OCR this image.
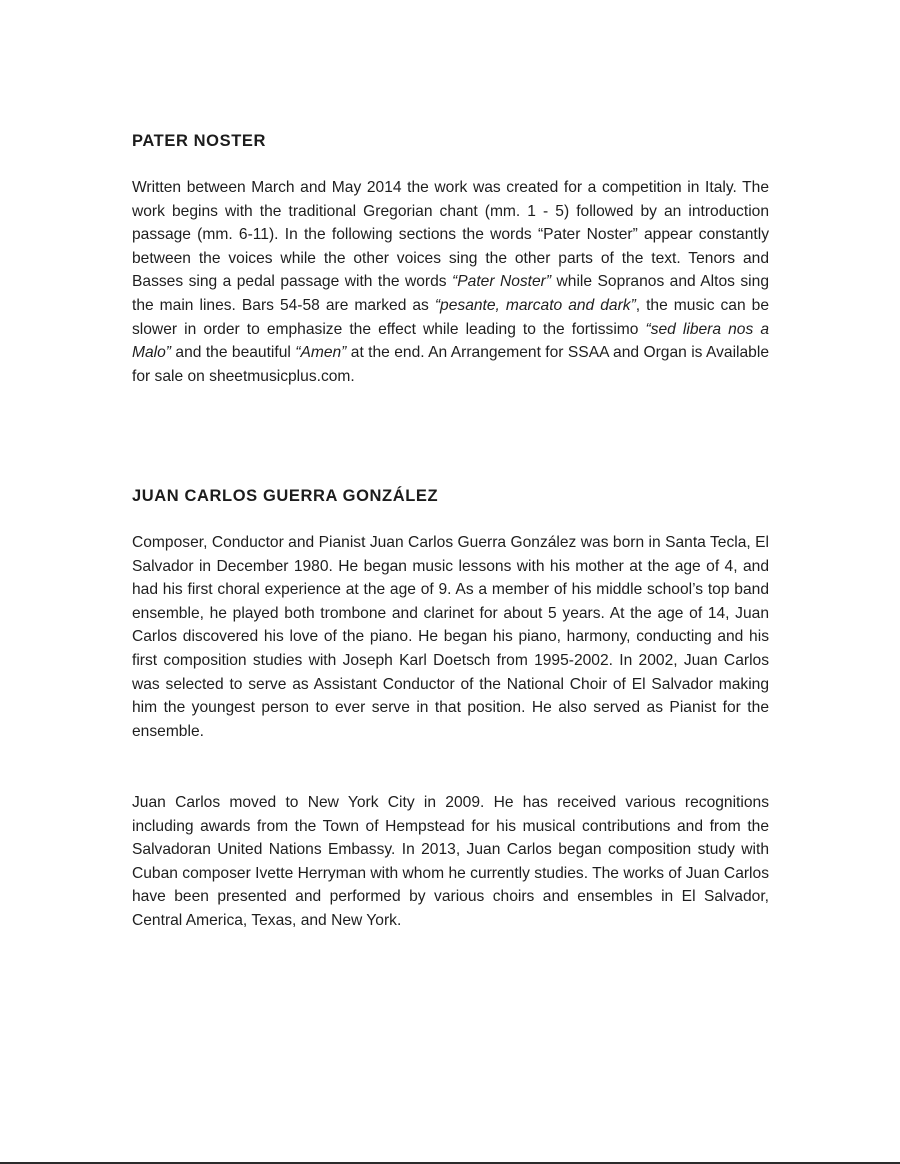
PATER NOSTER

Written between March and May 2014 the work was created for a competition in Italy. The work begins with the traditional Gregorian chant (mm. 1 - 5) followed by an introduction passage (mm. 6-11). In the following sections the words “Pater Noster” appear constantly between the voices while the other voices sing the other parts of the text. Tenors and Basses sing a pedal passage with the words “Pater Noster” while Sopranos and Altos sing the main lines. Bars 54-58 are marked as “pesante, marcato and dark”, the music can be slower in order to emphasize the effect while leading to the fortissimo “sed libera nos a Malo” and the beautiful “Amen” at the end. An Arrangement for SSAA and Organ is Available for sale on sheetmusicplus.com.

JUAN CARLOS GUERRA GONZÁLEZ

Composer, Conductor and Pianist Juan Carlos Guerra González was born in Santa Tecla, El Salvador in December 1980. He began music lessons with his mother at the age of 4, and had his first choral experience at the age of 9. As a member of his middle school’s top band ensemble, he played both trombone and clarinet for about 5 years. At the age of 14, Juan Carlos discovered his love of the piano. He began his piano, harmony, conducting and his first composition studies with Joseph Karl Doetsch from 1995-2002. In 2002, Juan Carlos was selected to serve as Assistant Conductor of the National Choir of El Salvador making him the youngest person to ever serve in that position. He also served as Pianist for the ensemble.

Juan Carlos moved to New York City in 2009. He has received various recognitions including awards from the Town of Hempstead for his musical contributions and from the Salvadoran United Nations Embassy. In 2013, Juan Carlos began composition study with Cuban composer Ivette Herryman with whom he currently studies. The works of Juan Carlos have been presented and performed by various choirs and ensembles in El Salvador, Central America, Texas, and New York.
